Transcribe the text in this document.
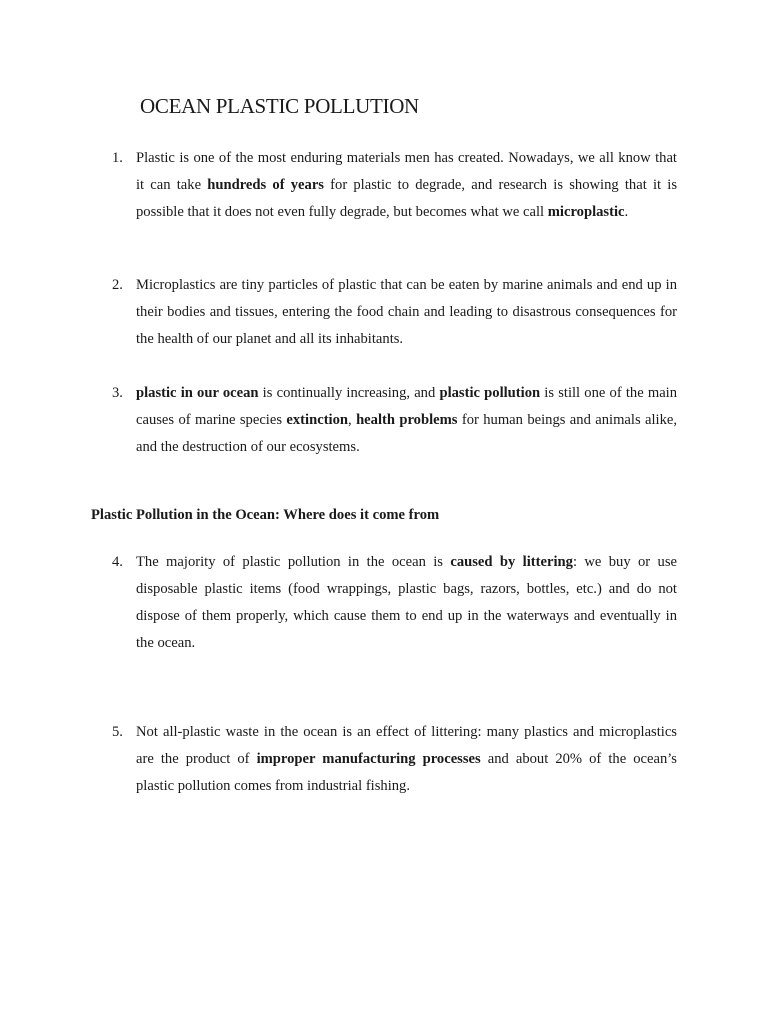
OCEAN PLASTIC POLLUTION
1. Plastic is one of the most enduring materials men has created. Nowadays, we all know that it can take hundreds of years for plastic to degrade, and research is showing that it is possible that it does not even fully degrade, but becomes what we call microplastic.
2. Microplastics are tiny particles of plastic that can be eaten by marine animals and end up in their bodies and tissues, entering the food chain and leading to disastrous consequences for the health of our planet and all its inhabitants.
3. plastic in our ocean is continually increasing, and plastic pollution is still one of the main causes of marine species extinction, health problems for human beings and animals alike, and the destruction of our ecosystems.
Plastic Pollution in the Ocean: Where does it come from
4. The majority of plastic pollution in the ocean is caused by littering: we buy or use disposable plastic items (food wrappings, plastic bags, razors, bottles, etc.) and do not dispose of them properly, which cause them to end up in the waterways and eventually in the ocean.
5. Not all-plastic waste in the ocean is an effect of littering: many plastics and microplastics are the product of improper manufacturing processes and about 20% of the ocean’s plastic pollution comes from industrial fishing.
